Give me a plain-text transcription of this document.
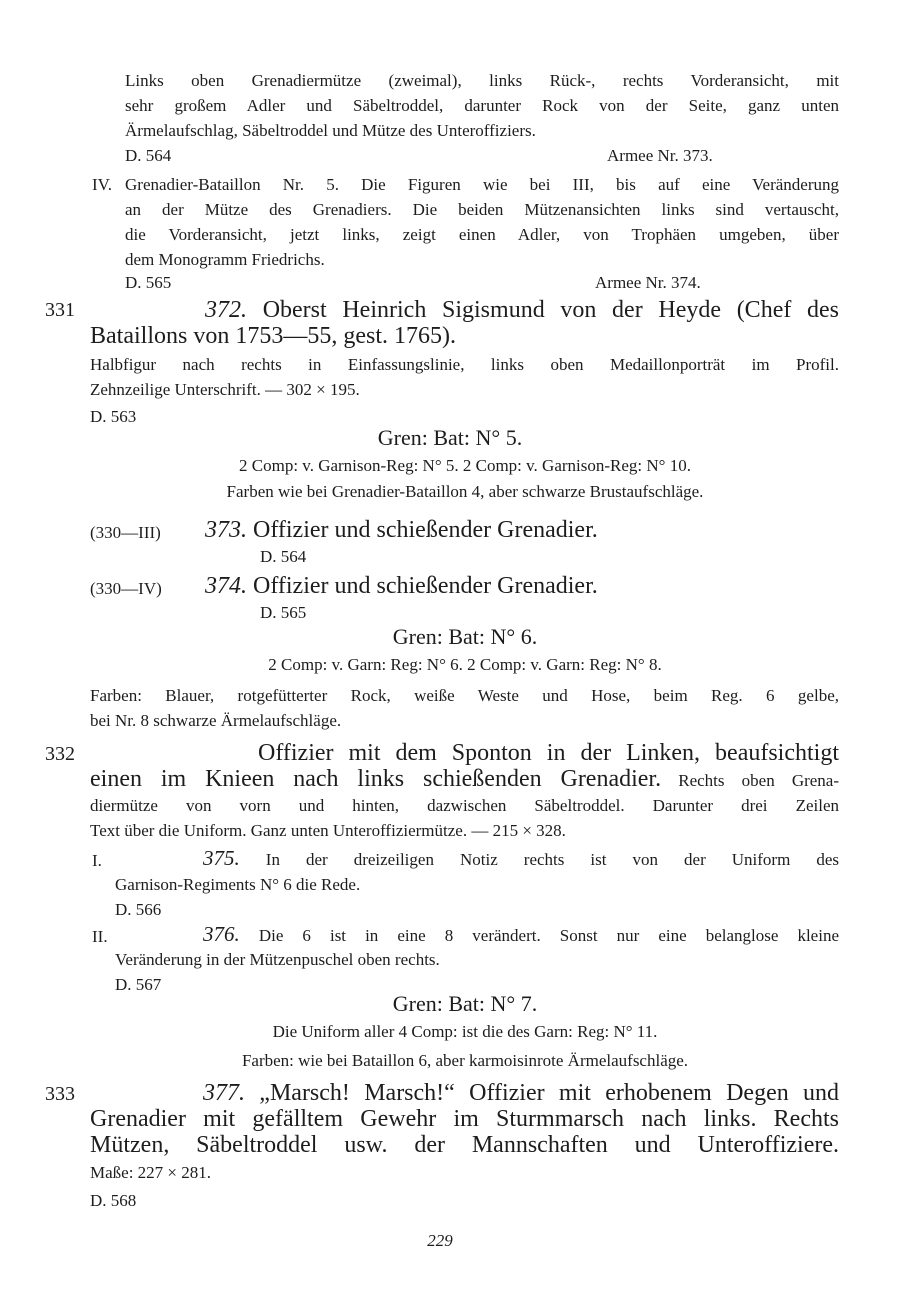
Links oben Grenadiermütze (zweimal), links Rück-, rechts Vorderansicht, mit

sehr großem Adler und Säbeltroddel, darunter Rock von der Seite, ganz unten

Ärmelaufschlag, Säbeltroddel und Mütze des Unteroffiziers.

D. 564	Armee Nr. 373.

IV. Grenadier-Bataillon Nr. 5. Die Figuren wie bei III, bis auf eine Veränderung

an der Mütze des Grenadiers. Die beiden Mützenansichten links sind vertauscht,

die Vorderansicht, jetzt links, zeigt einen Adler, von Trophäen umgeben, über

dem Monogramm Friedrichs.

D. 565	Armee Nr. 374.

331	372. Oberst Heinrich Sigismund von der Heyde (Chef des

Bataillons von 1753—55, gest. 1765).

Halbfigur nach rechts in Einfassungslinie, links oben Medaillonporträt im Profil.

Zehnzeilige Unterschrift. — 302 × 195.

D. 563

Gren: Bat: N° 5.

2 Comp: v. Garnison-Reg: N° 5. 2 Comp: v. Garnison-Reg: N° 10.

Farben wie bei Grenadier-Bataillon 4, aber schwarze Brustaufschläge.

(330—III) 373. Offizier und schießender Grenadier.

D. 564

(330—IV) 374. Offizier und schießender Grenadier.

D. 565

Gren: Bat: N° 6.

2 Comp: v. Garn: Reg: N° 6. 2 Comp: v. Garn: Reg: N° 8.

Farben: Blauer, rotgefütterter Rock, weiße Weste und Hose, beim Reg. 6 gelbe,

bei Nr. 8 schwarze Ärmelaufschläge.

332	Offizier mit dem Sponton in der Linken, beaufsichtigt

einen im Knieen nach links schießenden Grenadier. Rechts oben Grena-

diermütze von vorn und hinten, dazwischen Säbeltroddel. Darunter drei Zeilen

Text über die Uniform. Ganz unten Unteroffiziermütze. — 215 × 328.

I.	375. In der dreizeiligen Notiz rechts ist von der Uniform des

Garnison-Regiments N° 6 die Rede.

D. 566

II.	376. Die 6 ist in eine 8 verändert. Sonst nur eine belanglose kleine

Veränderung in der Mützenpuschel oben rechts.

D. 567

Gren: Bat: N° 7.

Die Uniform aller 4 Comp: ist die des Garn: Reg: N° 11.

Farben: wie bei Bataillon 6, aber karmoisinrote Ärmelaufschläge.

333	377. „Marsch! Marsch!“ Offizier mit erhobenem Degen und

Grenadier mit gefälltem Gewehr im Sturmmarsch nach links. Rechts

Mützen, Säbeltroddel usw. der Mannschaften und Unteroffiziere.

Maße: 227 × 281.

D. 568

229
